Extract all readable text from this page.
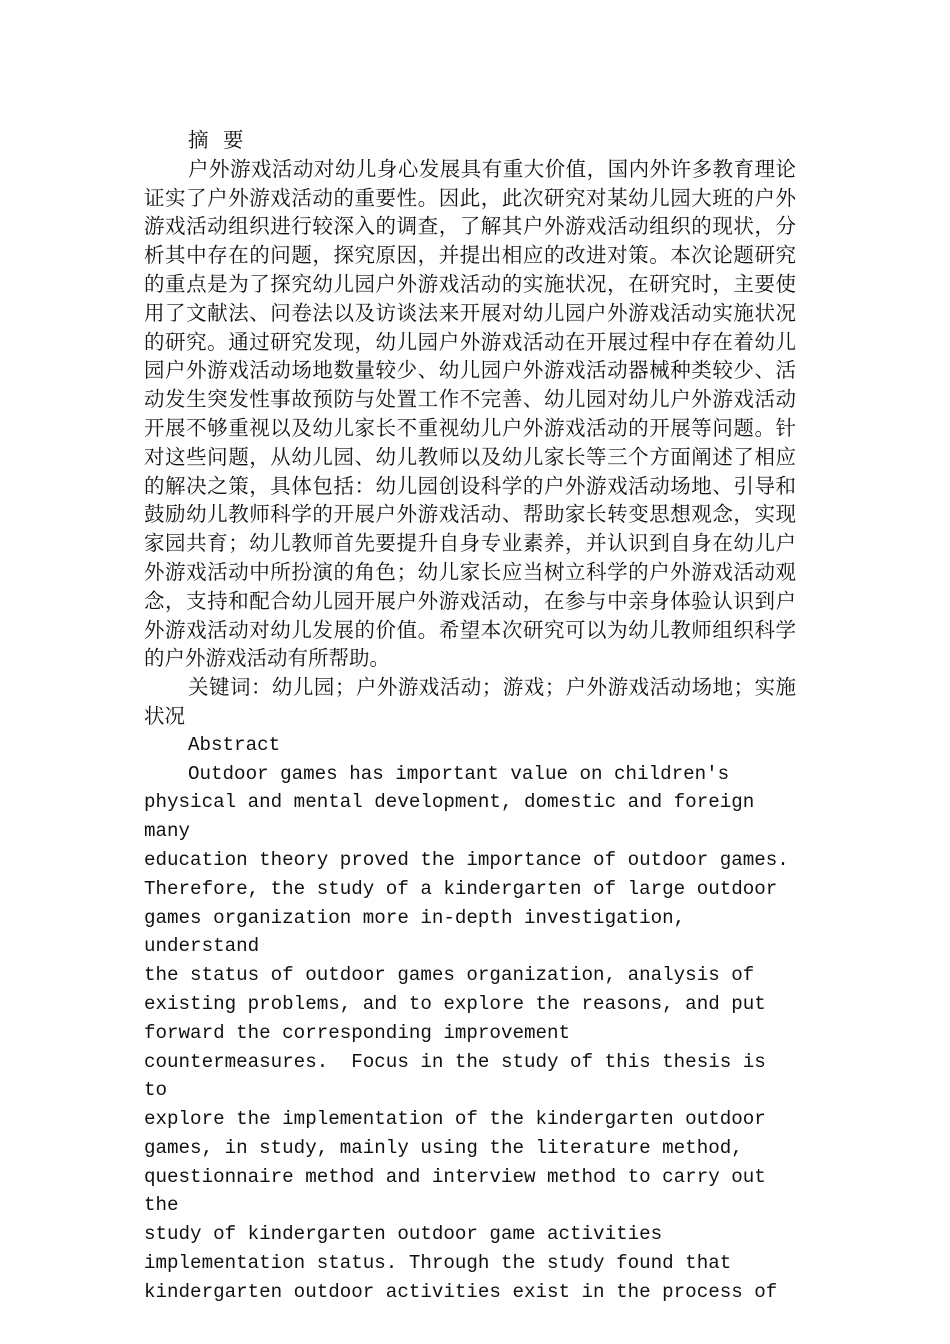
摘 要

户外游戏活动对幼儿身心发展具有重大价值，国内外许多教育理论证实了户外游戏活动的重要性。因此，此次研究对某幼儿园大班的户外游戏活动组织进行较深入的调查，了解其户外游戏活动组织的现状，分析其中存在的问题，探究原因，并提出相应的改进对策。本次论题研究的重点是为了探究幼儿园户外游戏活动的实施状况，在研究时，主要使用了文献法、问卷法以及访谈法来开展对幼儿园户外游戏活动实施状况的研究。通过研究发现，幼儿园户外游戏活动在开展过程中存在着幼儿园户外游戏活动场地数量较少、幼儿园户外游戏活动器械种类较少、活动发生突发性事故预防与处置工作不完善、幼儿园对幼儿户外游戏活动开展不够重视以及幼儿家长不重视幼儿户外游戏活动的开展等问题。针对这些问题，从幼儿园、幼儿教师以及幼儿家长等三个方面阐述了相应的解决之策，具体包括：幼儿园创设科学的户外游戏活动场地、引导和鼓励幼儿教师科学的开展户外游戏活动、帮助家长转变思想观念，实现家园共育；幼儿教师首先要提升自身专业素养，并认识到自身在幼儿户外游戏活动中所扮演的角色；幼儿家长应当树立科学的户外游戏活动观念，支持和配合幼儿园开展户外游戏活动，在参与中亲身体验认识到户外游戏活动对幼儿发展的价值。希望本次研究可以为幼儿教师组织科学的户外游戏活动有所帮助。

关键词：幼儿园；户外游戏活动；游戏；户外游戏活动场地；实施状况

Abstract

Outdoor games has important value on children's
physical and mental development, domestic and foreign many
education theory proved the importance of outdoor games.
Therefore, the study of a kindergarten of large outdoor
games organization more in-depth investigation, understand
the status of outdoor games organization, analysis of
existing problems, and to explore the reasons, and put
forward the corresponding improvement
countermeasures.  Focus in the study of this thesis is to
explore the implementation of the kindergarten outdoor
games, in study, mainly using the literature method,
questionnaire method and interview method to carry out the
study of kindergarten outdoor game activities
implementation status. Through the study found that
kindergarten outdoor activities exist in the process of
